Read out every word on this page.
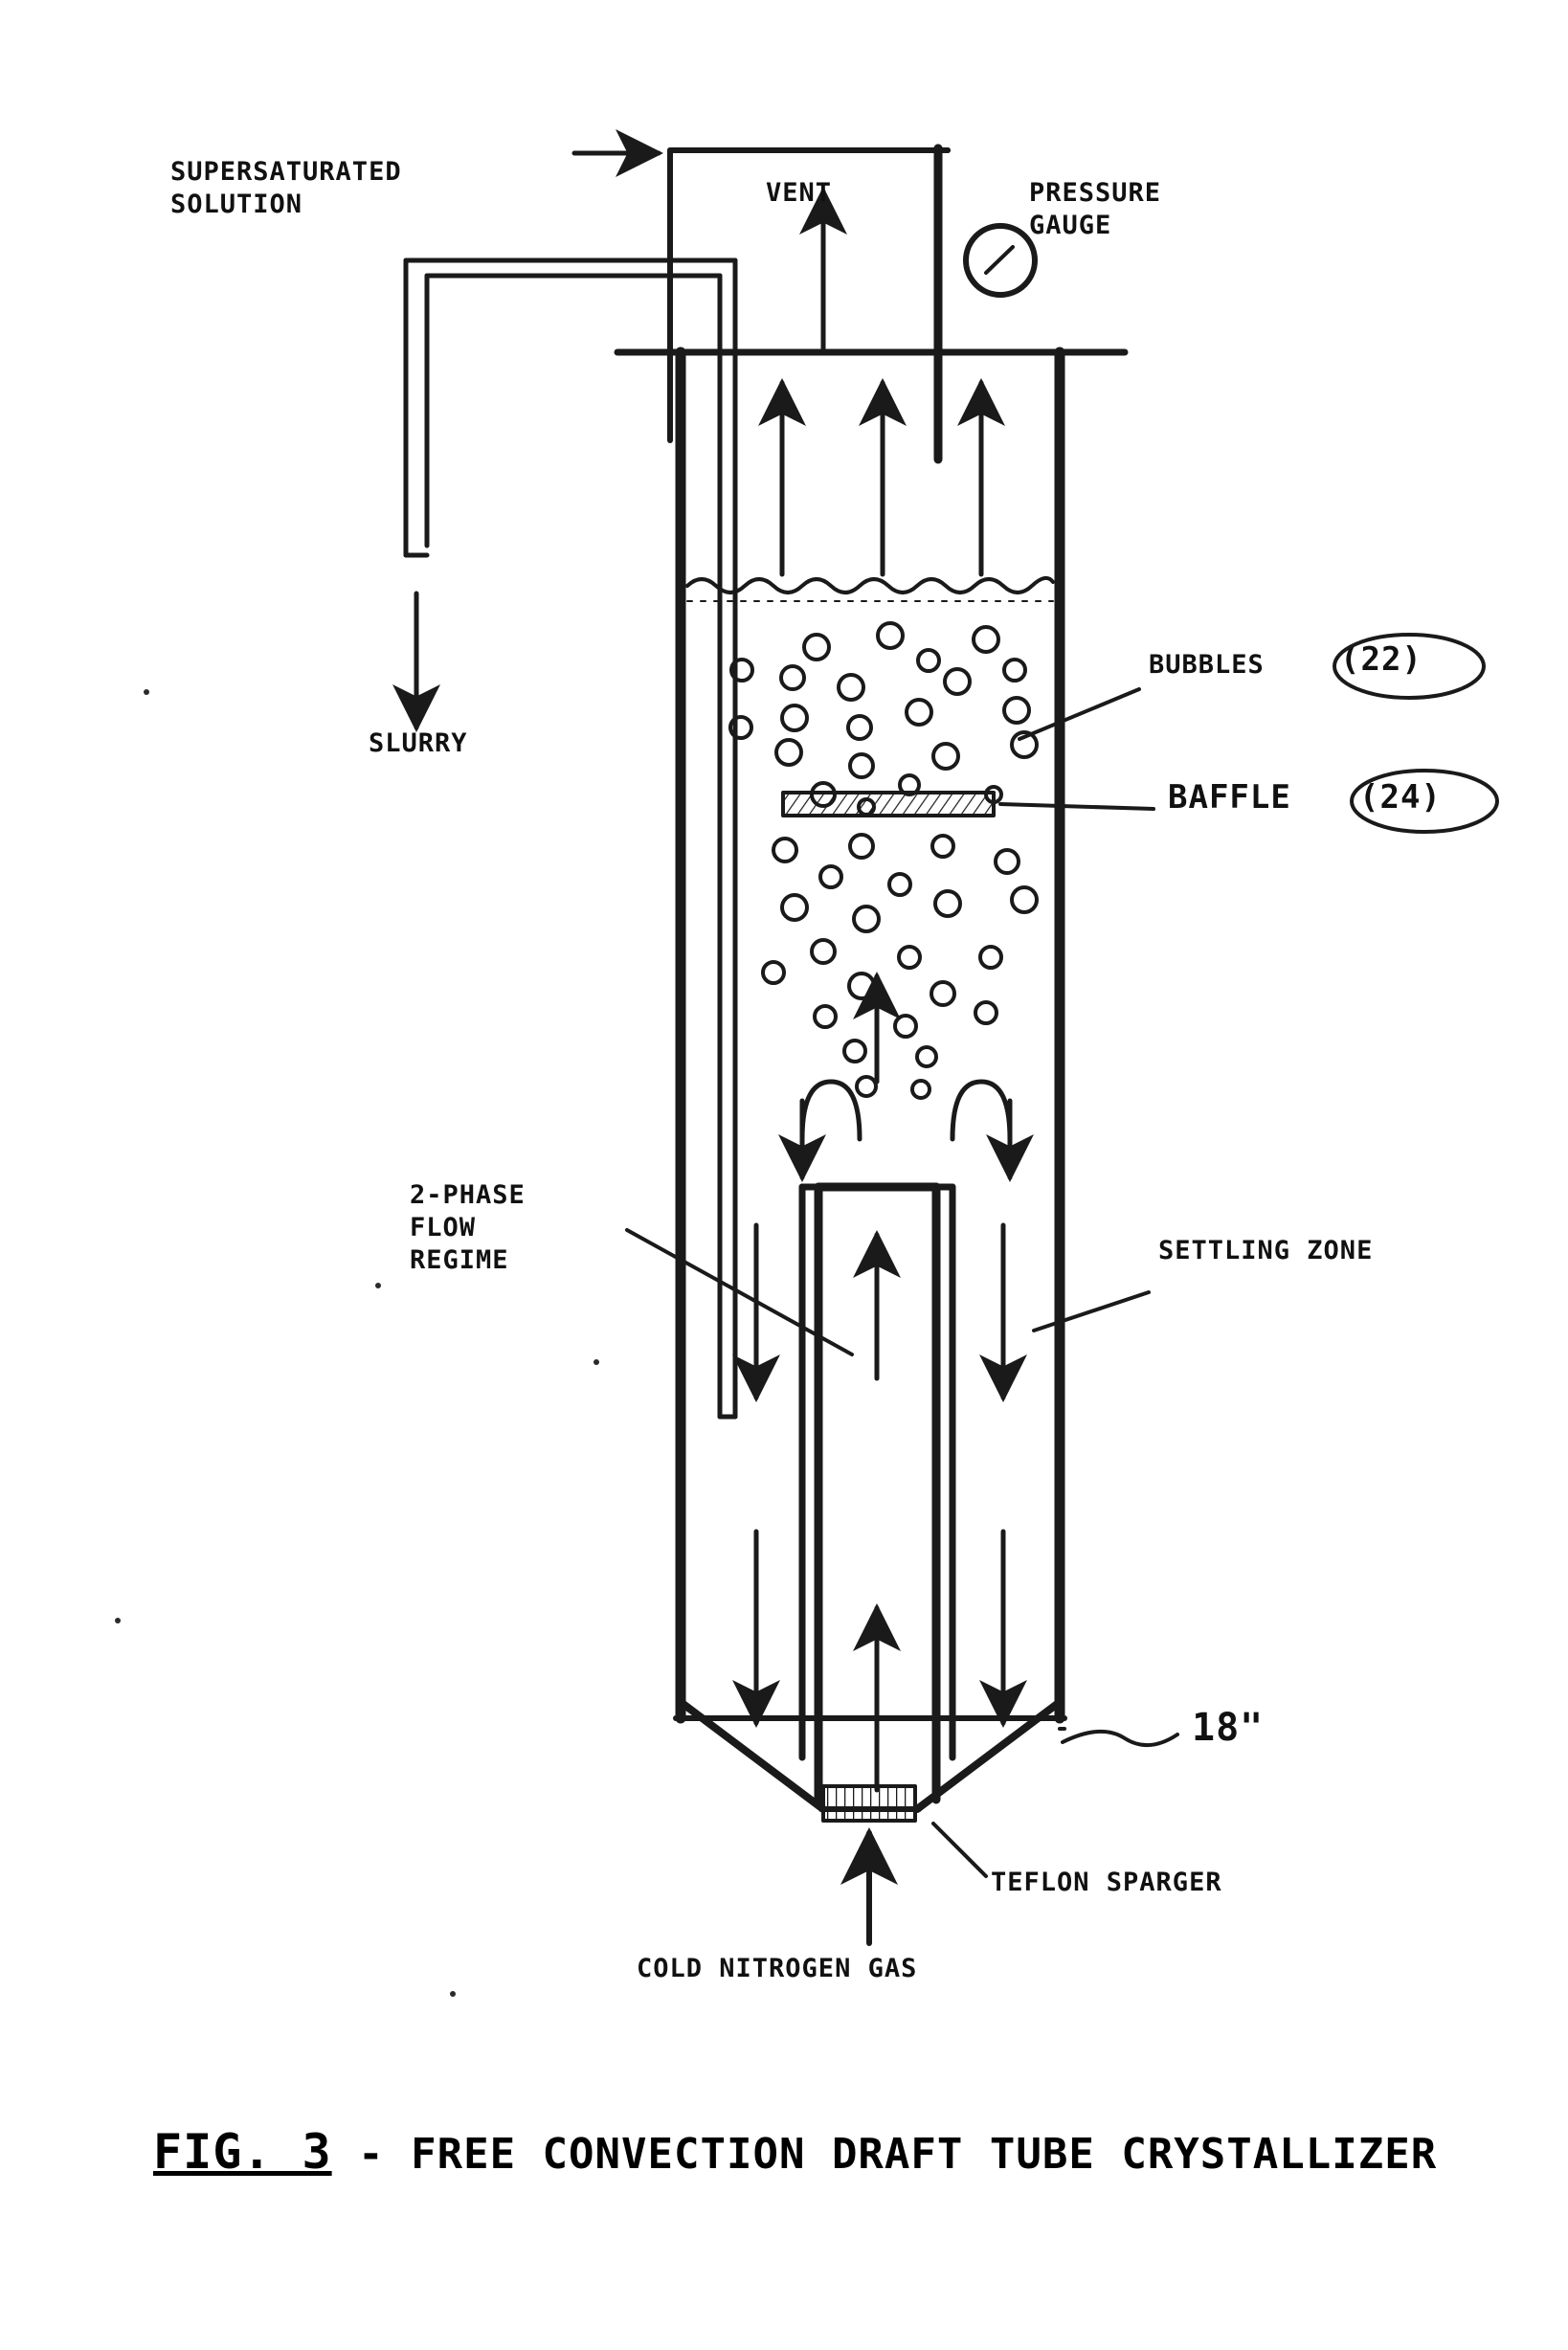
SUPERSATURATED
SOLUTION	VENT	PRESSURE
GAUGE
SLURRY
BUBBLES (22)
BAFFLE (24)
2-PHASE
FLOW
REGIME	SETTLING ZONE
18"
TEFLON SPARGER
COLD NITROGEN GAS

FIG. 3 - FREE CONVECTION DRAFT TUBE CRYSTALLIZER
